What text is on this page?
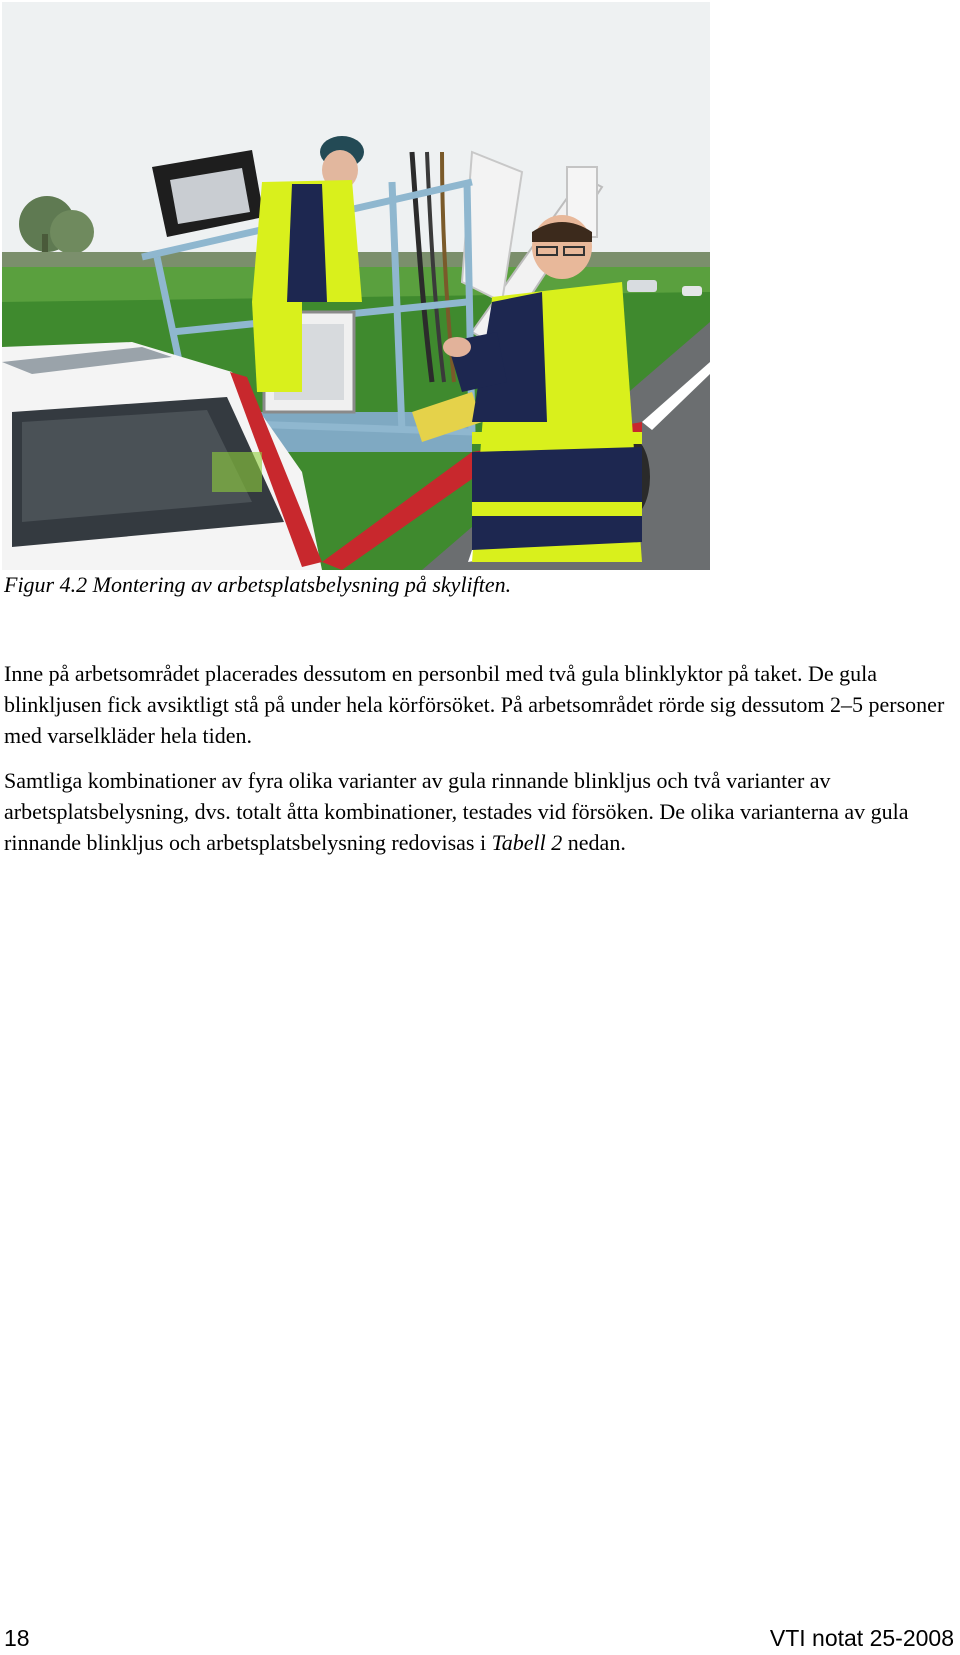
Figur 4.2 Montering av arbetsplatsbelysning på skyliften.

Inne på arbetsområdet placerades dessutom en personbil med två gula blinklyktor på taket. De gula blinkljusen fick avsiktligt stå på under hela körförsöket. På arbetsområdet rörde sig dessutom 2–5 personer med varselkläder hela tiden.

Samtliga kombinationer av fyra olika varianter av gula rinnande blinkljus och två varianter av arbetsplatsbelysning, dvs. totalt åtta kombinationer, testades vid försöken. De olika varianterna av gula rinnande blinkljus och arbetsplatsbelysning redovisas i Tabell 2 nedan.

18	VTI notat 25-2008
